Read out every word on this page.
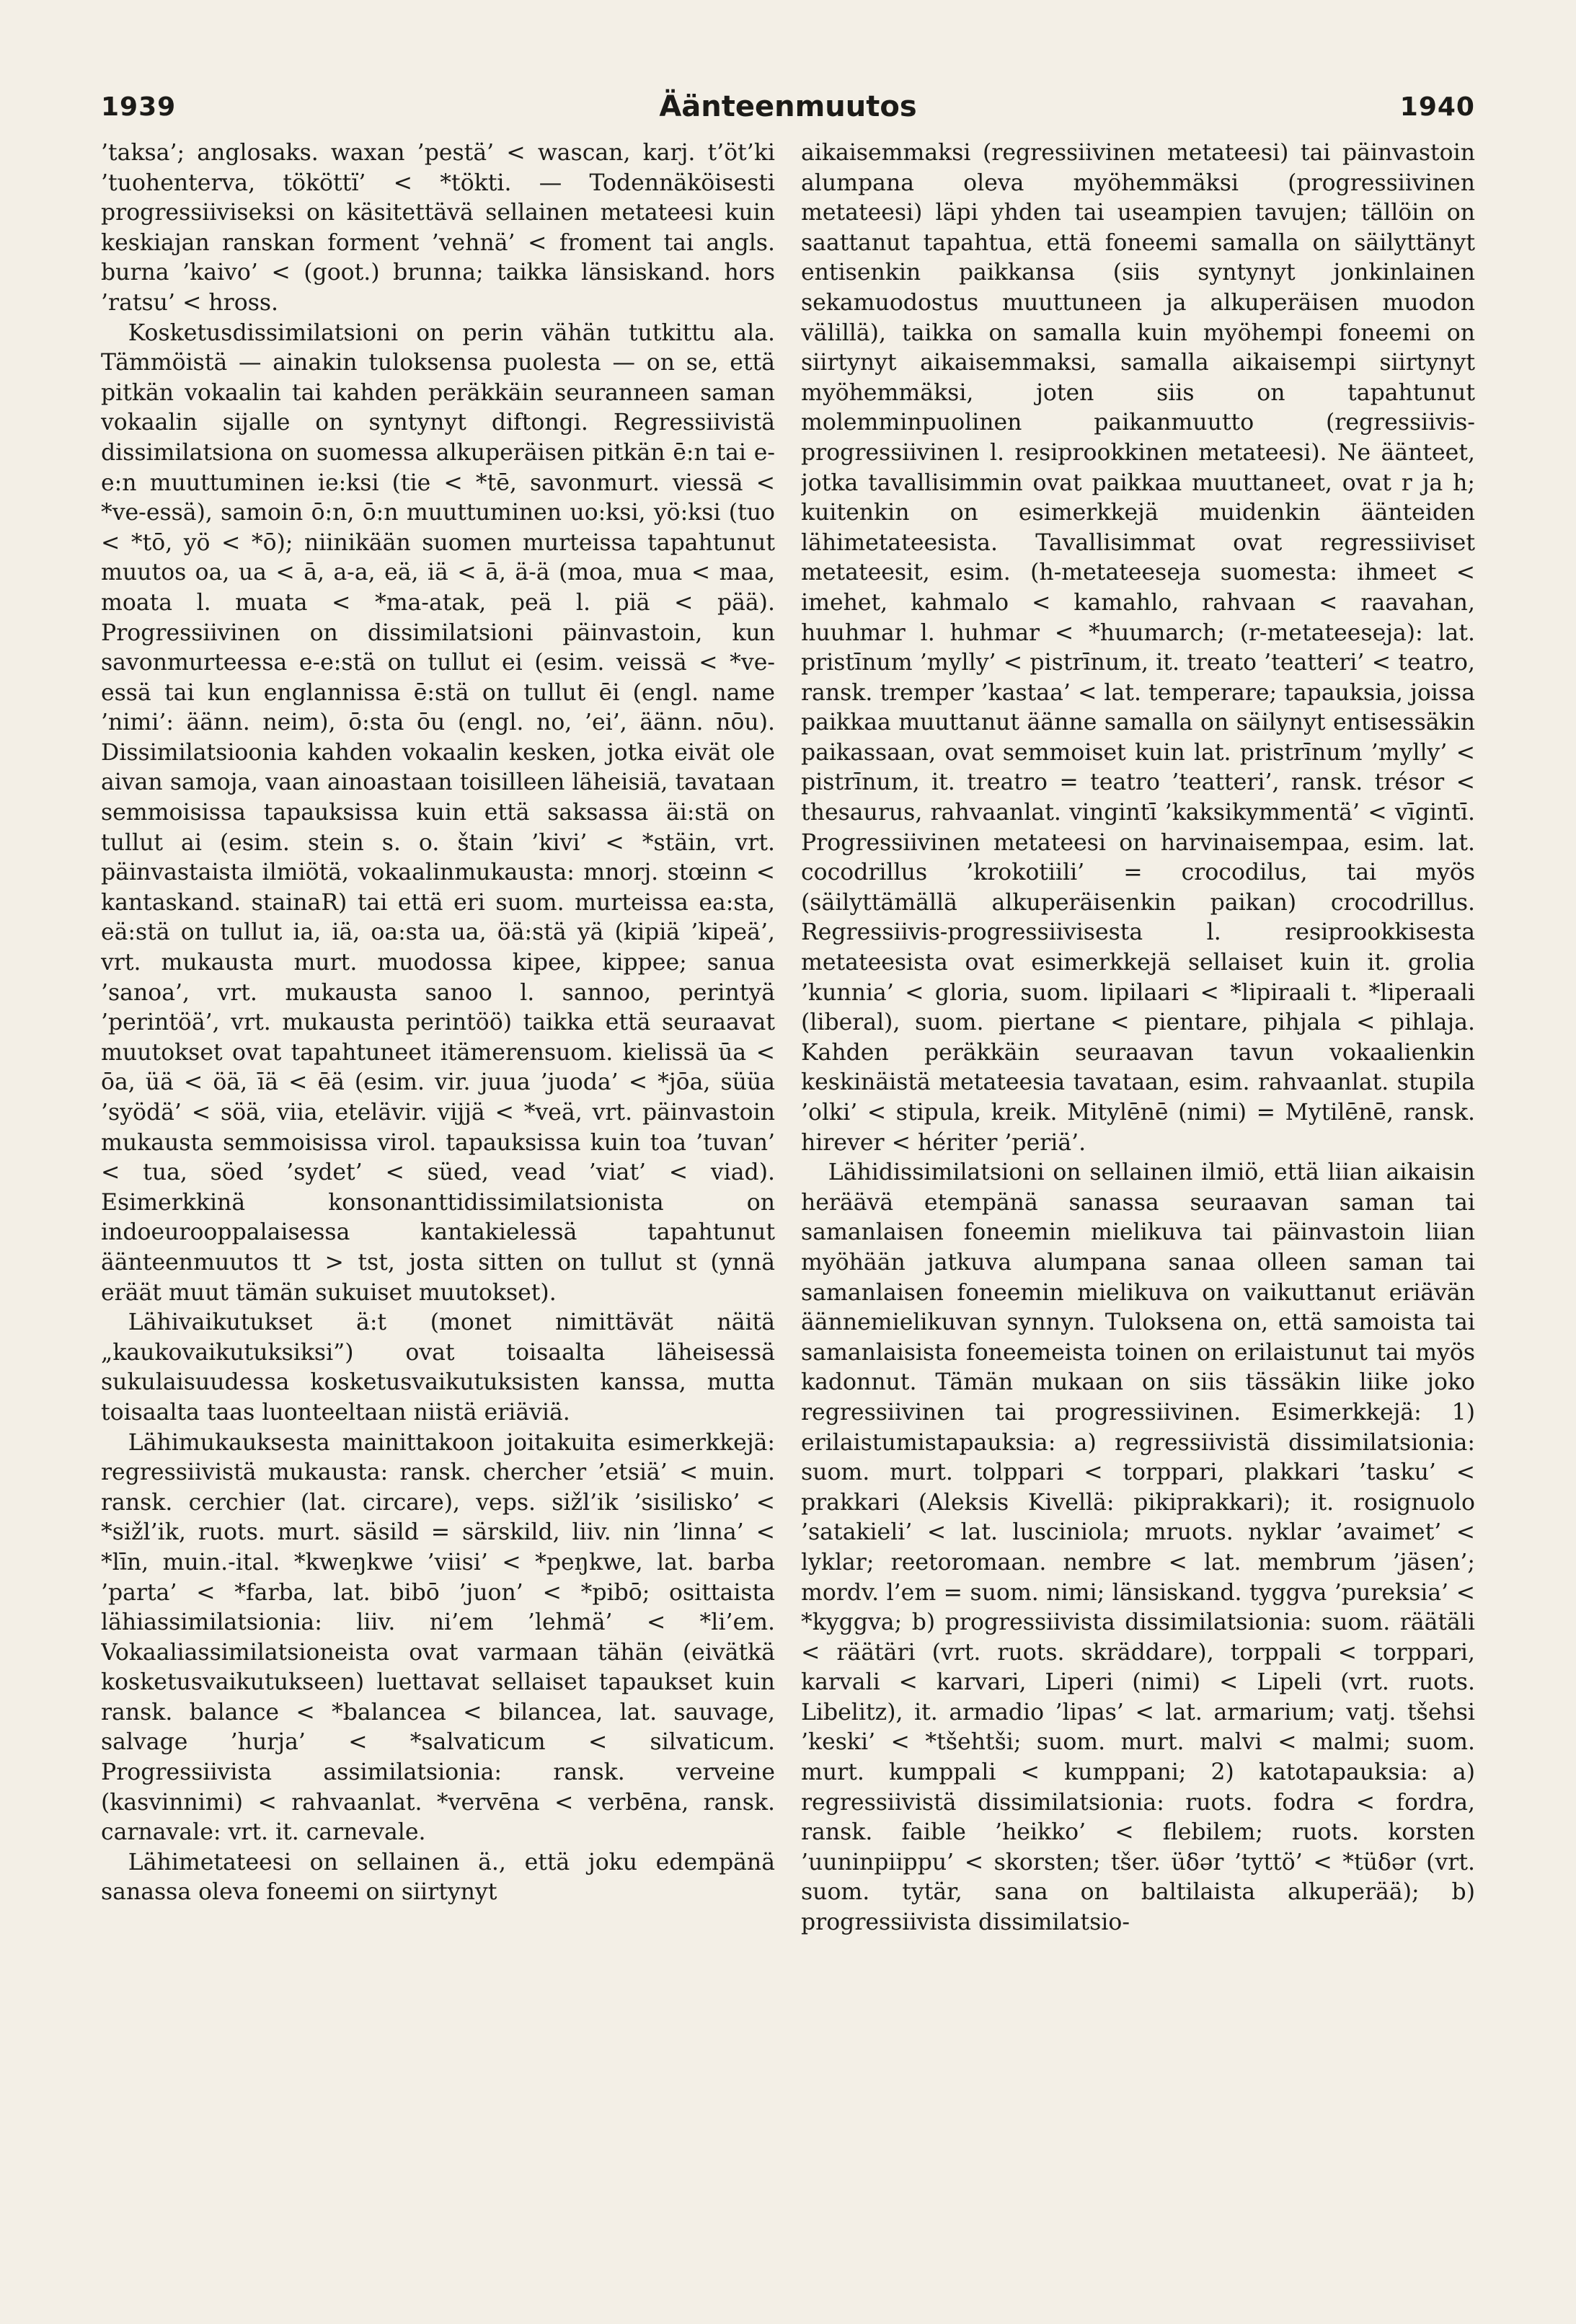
1939	Äänteenmuutos	1940

’taksa’; anglosaks. waxan ’pestä’ < wascan, karj. t’öt’ki ’tuohenterva, tököttï’ < *tökti. — Todennäköisesti progressiiviseksi on käsitettävä sellainen metateesi kuin keskiajan ranskan forment ’vehnä’ < froment tai angls. burna ’kaivo’ < (goot.) brunna; taikka länsiskand. hors ’ratsu’ < hross.

Kosketusdissimilatsioni on perin vähän tutkittu ala. Tämmöistä — ainakin tuloksensa puolesta — on se, että pitkän vokaalin tai kahden peräkkäin seuranneen saman vokaalin sijalle on syntynyt diftongi. Regressiivistä dissimilatsiona on suomessa alkuperäisen pitkän ē:n tai e-e:n muuttuminen ie:ksi (tie < *tē, savonmurt. viessä < *ve-essä), samoin ō:n, ō:n muuttuminen uo:ksi, yö:ksi (tuo < *tō, yö < *ō); niinikään suomen murteissa tapahtunut muutos oa, ua < ā, a-a, eä, iä < ā, ä-ä (moa, mua < maa, moata l. muata < *ma-atak, peä l. piä < pää). Progressiivinen on dissimilatsioni päinvastoin, kun savonmurteessa e-e:stä on tullut ei (esim. veissä < *ve-essä tai kun englannissa ē:stä on tullut ēi (engl. name ’nimi’: äänn. neim), ō:sta ōu (engl. no, ’ei’, äänn. nōu). Dissimilatsioonia kahden vokaalin kesken, jotka eivät ole aivan samoja, vaan ainoastaan toisilleen läheisiä, tavataan semmoisissa tapauksissa kuin että saksassa äi:stä on tullut ai (esim. stein s. o. štain ’kivi’ < *stäin, vrt. päinvastaista ilmiötä, vokaalinmukausta: mnorj. stœinn < kantaskand. stainaR) tai että eri suom. murteissa ea:sta, eä:stä on tullut ia, iä, oa:sta ua, öä:stä yä (kipiä ’kipeä’, vrt. mukausta murt. muodossa kipee, kippee; sanua ’sanoa’, vrt. mukausta sanoo l. sannoo, perintyä ’perintöä’, vrt. mukausta perintöö) taikka että seuraavat muutokset ovat tapahtuneet itämerensuom. kielissä ūa < ōa, üä < öä, īä < ēä (esim. vir. juua ’juoda’ < *jōa, süüa ’syödä’ < söä, viia, etelävir. vijjä < *veä, vrt. päinvastoin mukausta semmoisissa virol. tapauksissa kuin toa ’tuvan’ < tua, söed ’sydet’ < süed, vead ’viat’ < viad). Esimerkkinä konsonanttidissimilatsionista on indoeurooppalaisessa kantakielessä tapahtunut äänteenmuutos tt > tst, josta sitten on tullut st (ynnä eräät muut tämän sukuiset muutokset).

Lähivaikutukset ä:t (monet nimittävät näitä „kaukovaikutuksiksi”) ovat toisaalta läheisessä sukulaisuudessa kosketusvaikutuksisten kanssa, mutta toisaalta taas luonteeltaan niistä eriäviä.

Lähimukauksesta mainittakoon joitakuita esimerkkejä: regressiivistä mukausta: ransk. chercher ’etsiä’ < muin. ransk. cerchier (lat. circare), veps. sižl’ik ’sisilisko’ < *sižl’ik, ruots. murt. säsild = särskild, liiv. nin ’linna’ < *līn, muin.-ital. *kweŋkwe ’viisi’ < *peŋkwe, lat. barba ’parta’ < *farba, lat. bibō ’juon’ < *pibō; osittaista lähiassimilatsionia: liiv. ni’em ’lehmä’ < *li’em. Vokaaliassimilatsioneista ovat varmaan tähän (eivätkä kosketusvaikutukseen) luettavat sellaiset tapaukset kuin ransk. balance < *balancea < bilancea, lat. sauvage, salvage ’hurja’ < *salvaticum < silvaticum. Progressiivista assimilatsionia: ransk. verveine (kasvinnimi) < rahvaanlat. *vervēna < verbēna, ransk. carnavale: vrt. it. carnevale.

Lähimetateesi on sellainen ä., että joku edempänä sanassa oleva foneemi on siirtynyt

aikaisemmaksi (regressiivinen metateesi) tai päinvastoin alumpana oleva myöhemmäksi (progressiivinen metateesi) läpi yhden tai useampien tavujen; tällöin on saattanut tapahtua, että foneemi samalla on säilyttänyt entisenkin paikkansa (siis syntynyt jonkinlainen sekamuodostus muuttuneen ja alkuperäisen muodon välillä), taikka on samalla kuin myöhempi foneemi on siirtynyt aikaisemmaksi, samalla aikaisempi siirtynyt myöhemmäksi, joten siis on tapahtunut molemminpuolinen paikanmuutto (regressiivis-progressiivinen l. resiprookkinen metateesi). Ne äänteet, jotka tavallisimmin ovat paikkaa muuttaneet, ovat r ja h; kuitenkin on esimerkkejä muidenkin äänteiden lähimetateesista. Tavallisimmat ovat regressiiviset metateesit, esim. (h-metateeseja suomesta: ihmeet < imehet, kahmalo < kamahlo, rahvaan < raavahan, huuhmar l. huhmar < *huumarch; (r-metateeseja): lat. pristīnum ’mylly’ < pistrīnum, it. treato ’teatteri’ < teatro, ransk. tremper ’kastaa’ < lat. temperare; tapauksia, joissa paikkaa muuttanut äänne samalla on säilynyt entisessäkin paikassaan, ovat semmoiset kuin lat. pristrīnum ’mylly’ < pistrīnum, it. treatro = teatro ’teatteri’, ransk. trésor < thesaurus, rahvaanlat. vingintī ’kaksikymmentä’ < vīgintī. Progressiivinen metateesi on harvinaisempaa, esim. lat. cocodrillus ’krokotiili’ = crocodilus, tai myös (säilyttämällä alkuperäisenkin paikan) crocodrillus. Regressiivis-progressiivisesta l. resiprookkisesta metateesista ovat esimerkkejä sellaiset kuin it. grolia ’kunnia’ < gloria, suom. lipilaari < *lipiraali t. *liperaali (liberal), suom. piertane < pientare, pihjala < pihlaja. Kahden peräkkäin seuraavan tavun vokaalienkin keskinäistä metateesia tavataan, esim. rahvaanlat. stupila ’olki’ < stipula, kreik. Mitylēnē (nimi) = Mytilēnē, ransk. hirever < hériter ’periä’.

Lähidissimilatsioni on sellainen ilmiö, että liian aikaisin heräävä etempänä sanassa seuraavan saman tai samanlaisen foneemin mielikuva tai päinvastoin liian myöhään jatkuva alumpana sanaa olleen saman tai samanlaisen foneemin mielikuva on vaikuttanut eriävän äännemielikuvan synnyn. Tuloksena on, että samoista tai samanlaisista foneemeista toinen on erilaistunut tai myös kadonnut. Tämän mukaan on siis tässäkin liike joko regressiivinen tai progressiivinen. Esimerkkejä: 1) erilaistumistapauksia: a) regressiivistä dissimilatsionia: suom. murt. tolppari < torppari, plakkari ’tasku’ < prakkari (Aleksis Kivellä: pikiprakkari); it. rosignuolo ’satakieli’ < lat. lusciniola; mruots. nyklar ’avaimet’ < lyklar; reetoromaan. nembre < lat. membrum ’jäsen’; mordv. l’em = suom. nimi; länsiskand. tyggva ’pureksia’ < *kyggva; b) progressiivista dissimilatsionia: suom. räätäli < räätäri (vrt. ruots. skräddare), torppali < torppari, karvali < karvari, Liperi (nimi) < Lipeli (vrt. ruots. Libelitz), it. armadio ’lipas’ < lat. armarium; vatj. tšehsi ’keski’ < *tšehtši; suom. murt. malvi < malmi; suom. murt. kumppali < kumppani; 2) katotapauksia: a) regressiivistä dissimilatsionia: ruots. fodra < fordra, ransk. faible ’heikko’ < flebilem; ruots. korsten ’uuninpiippu’ < skorsten; tšer. üδər ’tyttö’ < *tüδər (vrt. suom. tytär, sana on baltilaista alkuperää); b) progressiivista dissimilatsio-
